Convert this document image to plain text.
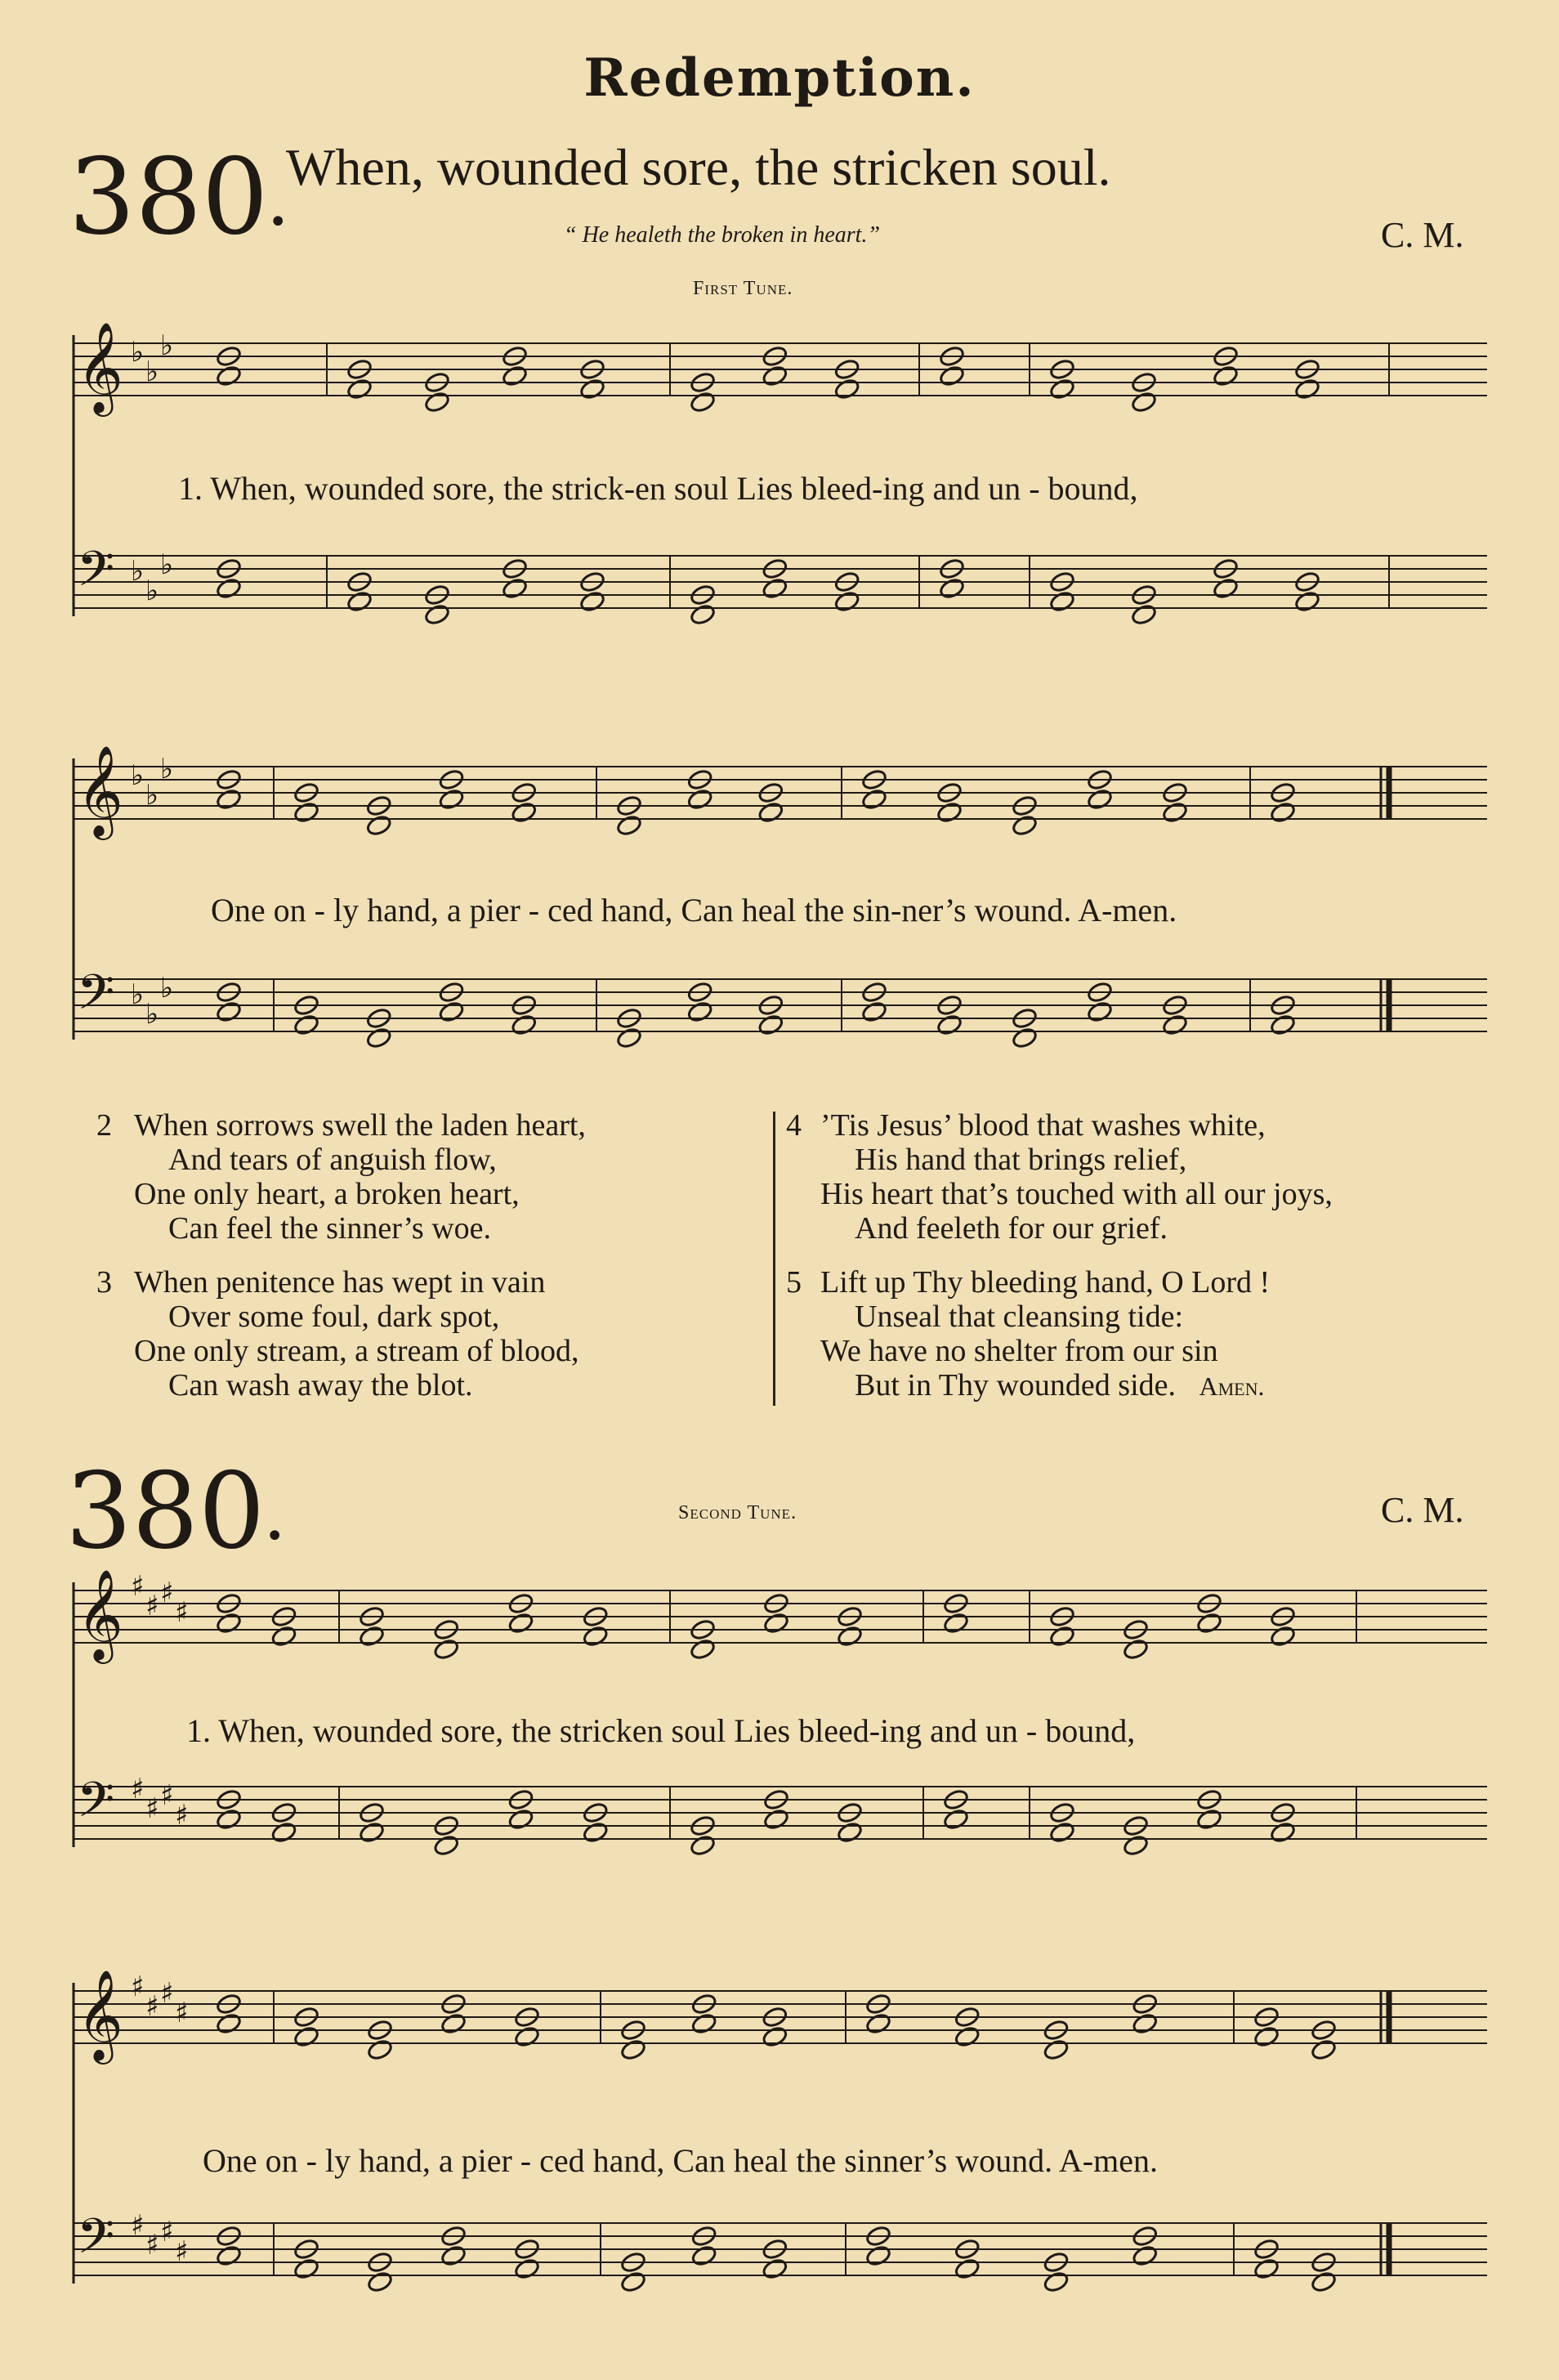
Redemption.
380•
When, wounded sore, the stricken soul.
“ He healeth the broken in heart.”	C. M.
First Tune.
𝄞 ♭
♭
♭
𝄢 ♭
♭
♭
1. When, wounded sore, the strick-en soul Lies bleed-ing and un - bound,
𝄞 ♭
♭
♭
𝄢 ♭
♭
♭
One on - ly hand, a pier - ced hand, Can heal the sin-ner’s wound. A-men.
2 When sorrows swell the laden heart,
And tears of anguish flow,
One only heart, a broken heart,
Can feel the sinner’s woe.
3 When penitence has wept in vain
Over some foul, dark spot,
One only stream, a stream of blood,
Can wash away the blot.
4 ’Tis Jesus’ blood that washes white,
His hand that brings relief,
His heart that’s touched with all our joys,
And feeleth for our grief.
5 Lift up Thy bleeding hand, O Lord !
Unseal that cleansing tide:
We have no shelter from our sin
But in Thy wounded side. Amen.
380•
Second Tune.	C. M.
𝄞 ♯
♯ ♯
♯
𝄢 ♯
♯ ♯
♯
1. When, wounded sore, the stricken soul Lies bleed-ing and un - bound,
𝄞 ♯
♯ ♯
♯
𝄢 ♯
♯ ♯
♯
One on - ly hand, a pier - ced hand, Can heal the sinner’s wound. A-men.
